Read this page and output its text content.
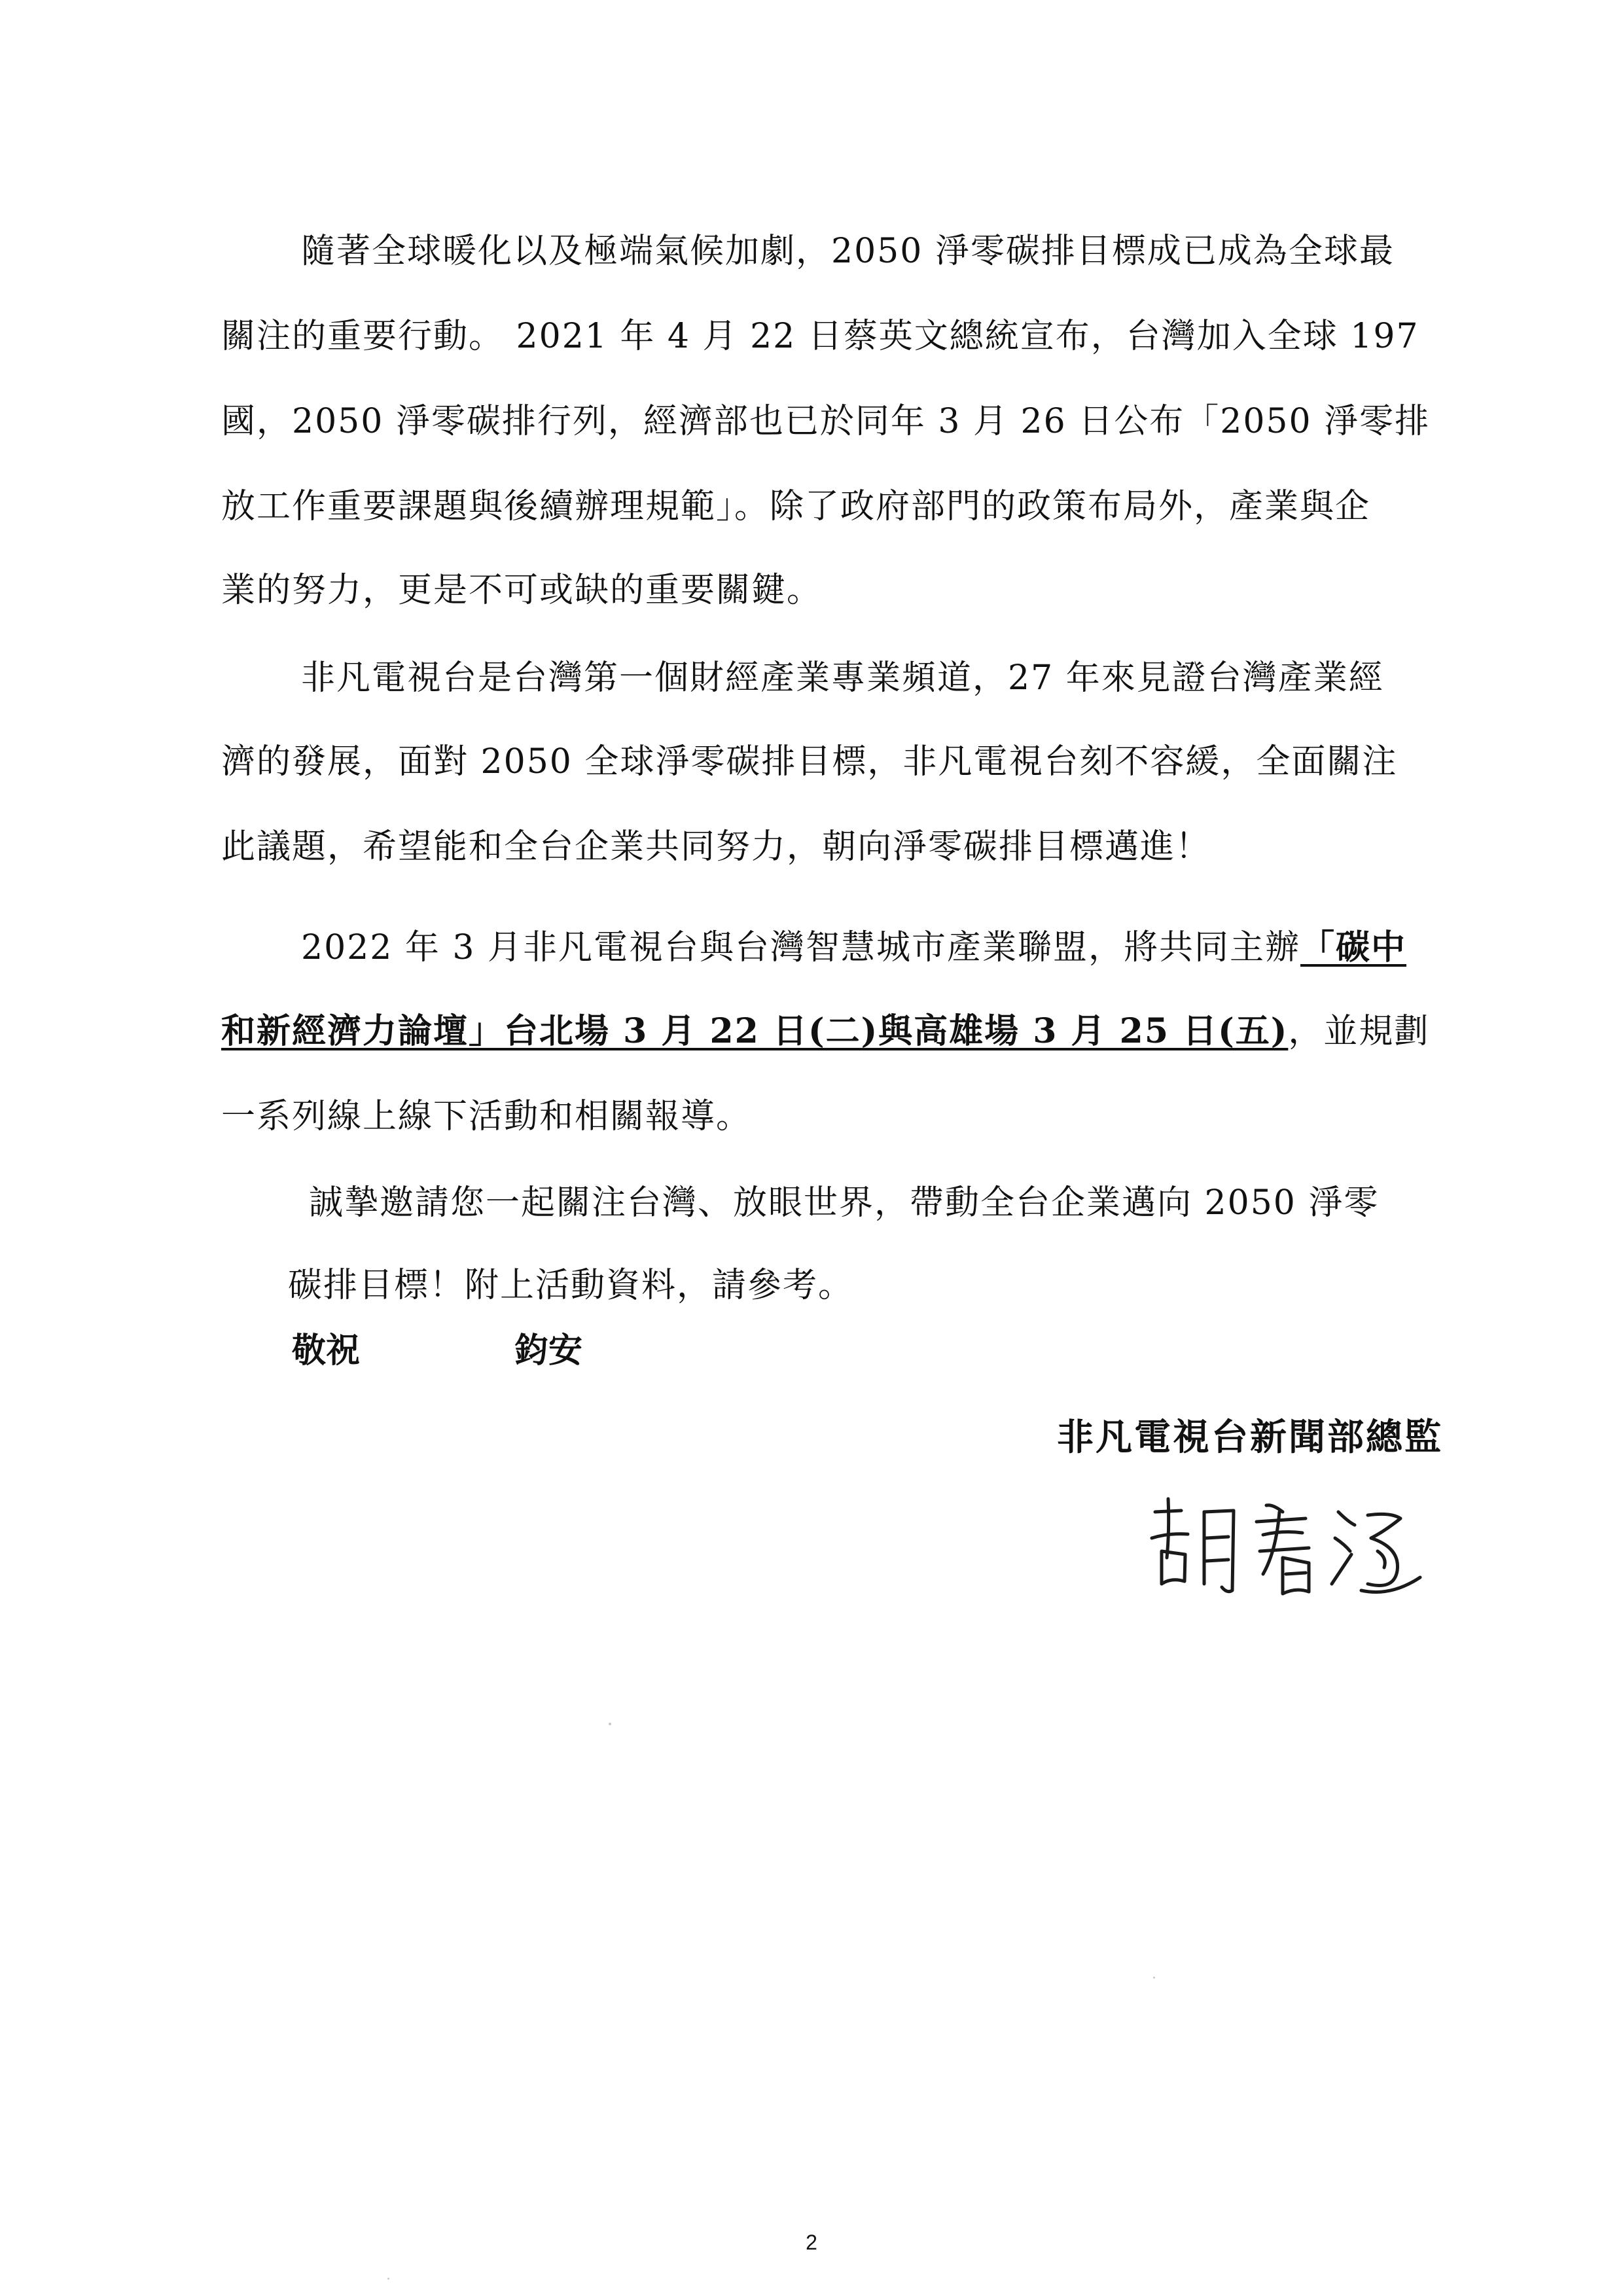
隨著全球暖化以及極端氣候加劇，2050 淨零碳排目標成已成為全球最
關注的重要行動。 2021 年 4 月 22 日蔡英文總統宣布，台灣加入全球 197
國，2050 淨零碳排行列，經濟部也已於同年 3 月 26 日公布「2050 淨零排
放工作重要課題與後續辦理規範」。除了政府部門的政策布局外，產業與企
業的努力，更是不可或缺的重要關鍵。
非凡電視台是台灣第一個財經產業專業頻道，27 年來見證台灣產業經
濟的發展，面對 2050 全球淨零碳排目標，非凡電視台刻不容緩，全面關注
此議題，希望能和全台企業共同努力，朝向淨零碳排目標邁進！
2022 年 3 月非凡電視台與台灣智慧城市產業聯盟，將共同主辦「碳中
和新經濟力論壇」台北場 3 月 22 日(二)與高雄場 3 月 25 日(五)，並規劃
一系列線上線下活動和相關報導。
誠摯邀請您一起關注台灣、放眼世界，帶動全台企業邁向 2050 淨零
碳排目標！附上活動資料，請參考。
敬祝	鈞安
非凡電視台新聞部總監
2
